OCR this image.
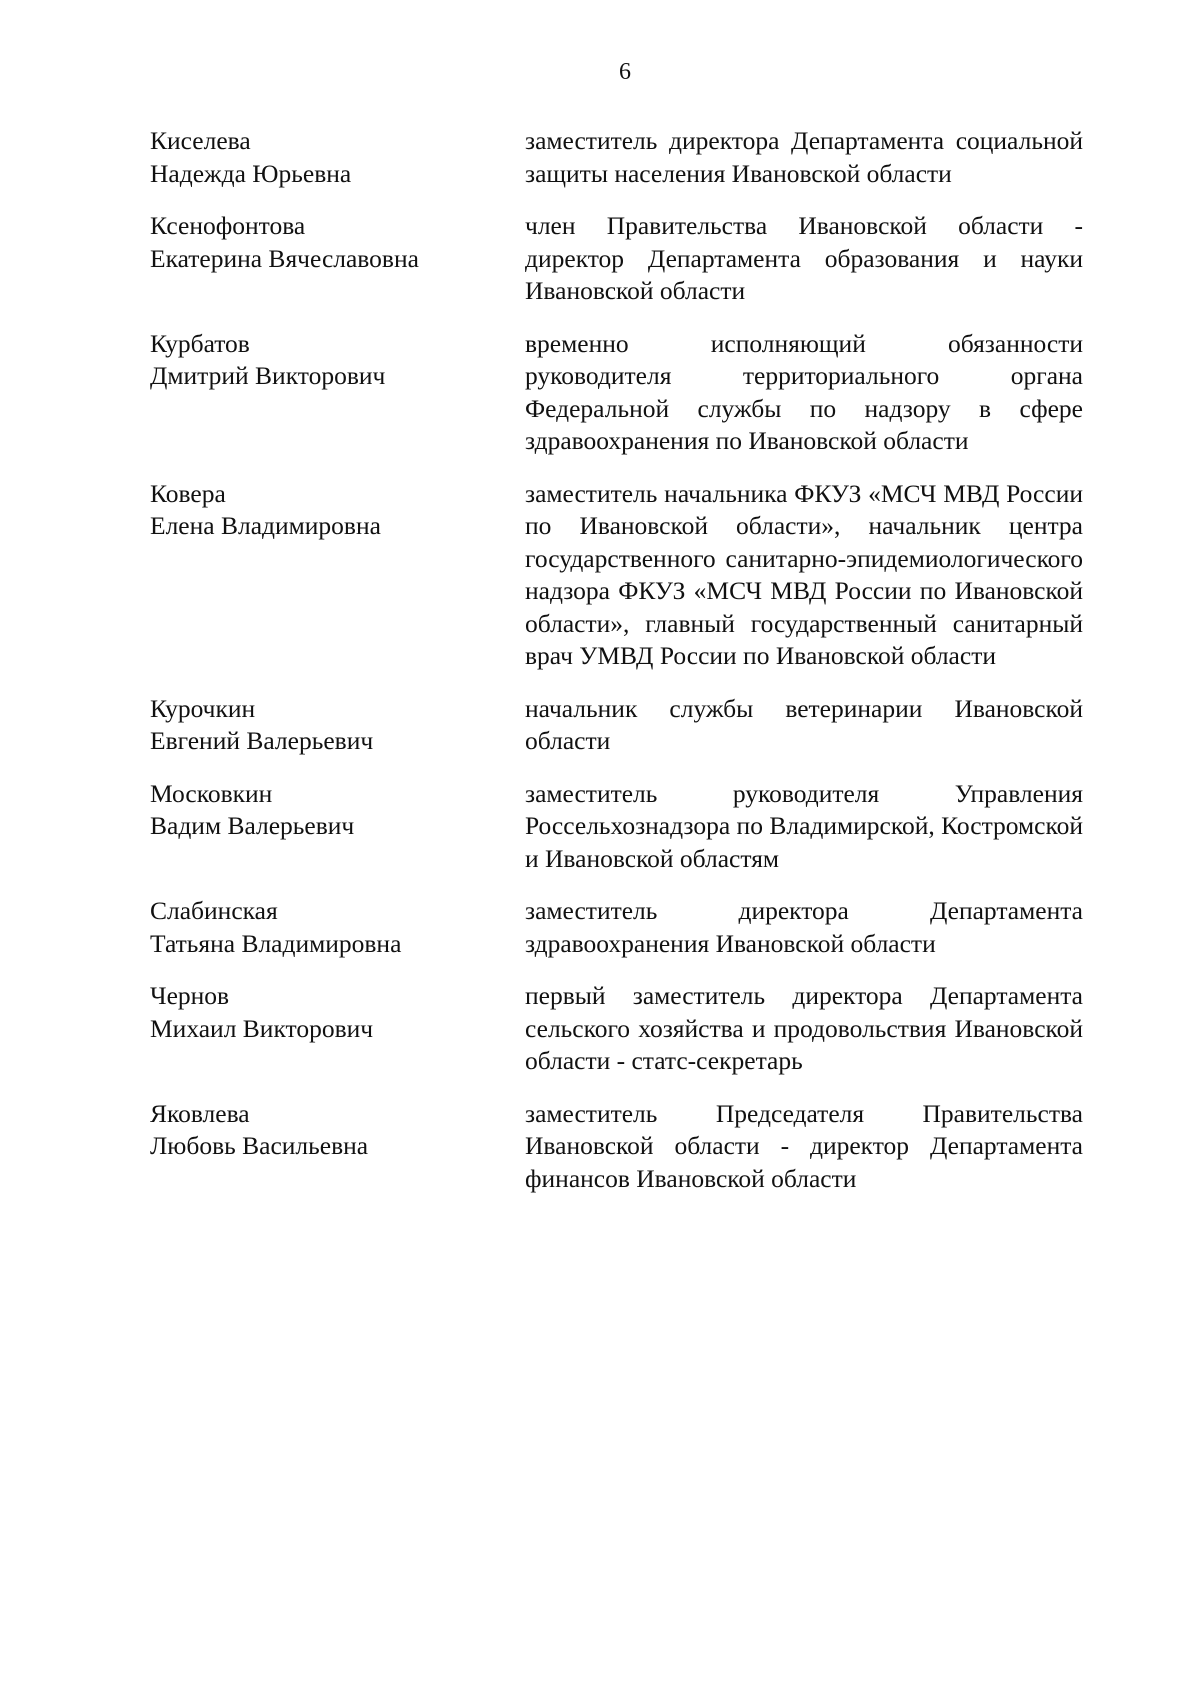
6
Киселева
Надежда Юрьевна
заместитель директора Департамента социальной защиты населения Ивановской области
Ксенофонтова
Екатерина Вячеславовна
член Правительства Ивановской области - директор Департамента образования и науки Ивановской области
Курбатов
Дмитрий Викторович
временно исполняющий обязанности руководителя территориального органа Федеральной службы по надзору в сфере здравоохранения по Ивановской области
Ковера
Елена Владимировна
заместитель начальника ФКУЗ «МСЧ МВД России по Ивановской области», начальник центра государственного санитарно-эпидемиологического надзора ФКУЗ «МСЧ МВД России по Ивановской области», главный государственный санитарный врач УМВД России по Ивановской области
Курочкин
Евгений Валерьевич
начальник службы ветеринарии Ивановской области
Московкин
Вадим Валерьевич
заместитель руководителя Управления Россельхознадзора по Владимирской, Костромской и Ивановской областям
Слабинская
Татьяна Владимировна
заместитель директора Департамента здравоохранения Ивановской области
Чернов
Михаил Викторович
первый заместитель директора Департамента сельского хозяйства и продовольствия Ивановской области - статс-секретарь
Яковлева
Любовь Васильевна
заместитель Председателя Правительства Ивановской области - директор Департамента финансов Ивановской области
